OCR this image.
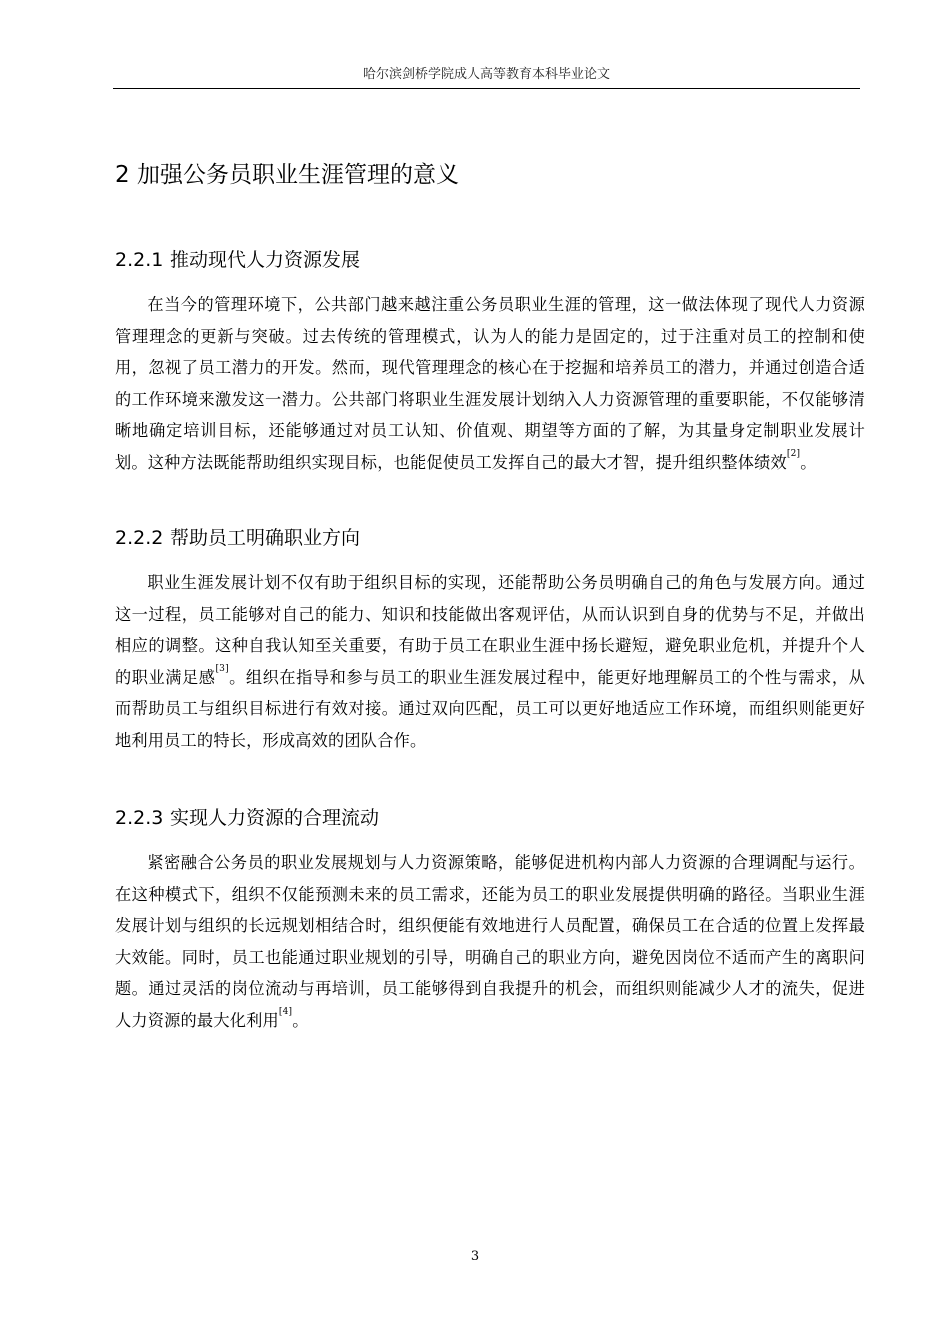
哈尔滨剑桥学院成人高等教育本科毕业论文
2 加强公务员职业生涯管理的意义
2.2.1 推动现代人力资源发展
在当今的管理环境下，公共部门越来越注重公务员职业生涯的管理，这一做法体现了现代人力资源管理理念的更新与突破。过去传统的管理模式，认为人的能力是固定的，过于注重对员工的控制和使用，忽视了员工潜力的开发。然而，现代管理理念的核心在于挖掘和培养员工的潜力，并通过创造合适的工作环境来激发这一潜力。公共部门将职业生涯发展计划纳入人力资源管理的重要职能，不仅能够清晰地确定培训目标，还能够通过对员工认知、价值观、期望等方面的了解，为其量身定制职业发展计划。这种方法既能帮助组织实现目标，也能促使员工发挥自己的最大才智，提升组织整体绩效[2]。
2.2.2 帮助员工明确职业方向
职业生涯发展计划不仅有助于组织目标的实现，还能帮助公务员明确自己的角色与发展方向。通过这一过程，员工能够对自己的能力、知识和技能做出客观评估，从而认识到自身的优势与不足，并做出相应的调整。这种自我认知至关重要，有助于员工在职业生涯中扬长避短，避免职业危机，并提升个人的职业满足感[3]。组织在指导和参与员工的职业生涯发展过程中，能更好地理解员工的个性与需求，从而帮助员工与组织目标进行有效对接。通过双向匹配，员工可以更好地适应工作环境，而组织则能更好地利用员工的特长，形成高效的团队合作。
2.2.3 实现人力资源的合理流动
紧密融合公务员的职业发展规划与人力资源策略，能够促进机构内部人力资源的合理调配与运行。在这种模式下，组织不仅能预测未来的员工需求，还能为员工的职业发展提供明确的路径。当职业生涯发展计划与组织的长远规划相结合时，组织便能有效地进行人员配置，确保员工在合适的位置上发挥最大效能。同时，员工也能通过职业规划的引导，明确自己的职业方向，避免因岗位不适而产生的离职问题。通过灵活的岗位流动与再培训，员工能够得到自我提升的机会，而组织则能减少人才的流失，促进人力资源的最大化利用[4]。
3
